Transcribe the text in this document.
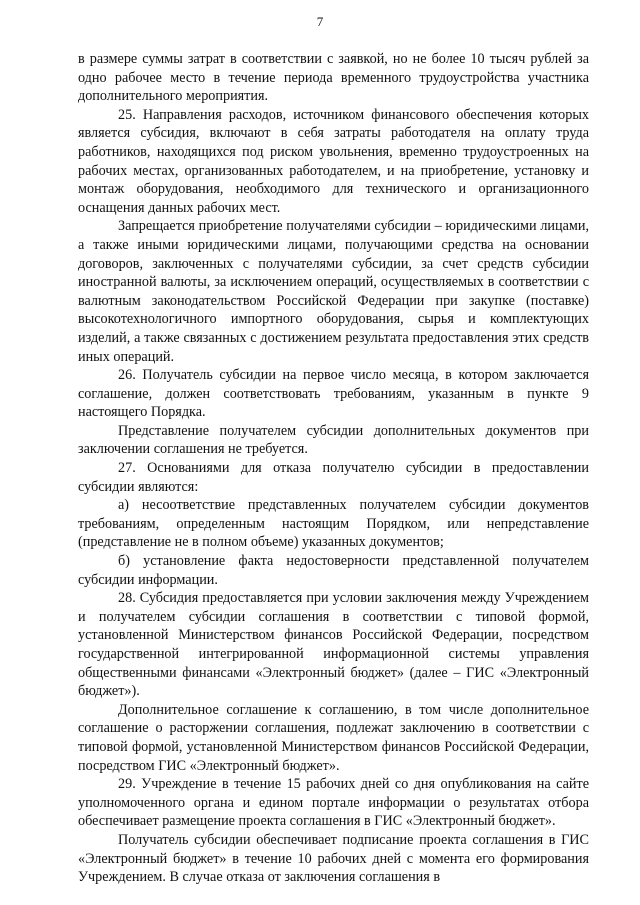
7

в размере суммы затрат в соответствии с заявкой, но не более 10 тысяч рублей за одно рабочее место в течение периода временного трудоустройства участника дополнительного мероприятия.

25. Направления расходов, источником финансового обеспечения которых является субсидия, включают в себя затраты работодателя на оплату труда работников, находящихся под риском увольнения, временно трудоустроенных на рабочих местах, организованных работодателем, и на приобретение, установку и монтаж оборудования, необходимого для технического и организационного оснащения данных рабочих мест.

Запрещается приобретение получателями субсидии – юридическими лицами, а также иными юридическими лицами, получающими средства на основании договоров, заключенных с получателями субсидии, за счет средств субсидии иностранной валюты, за исключением операций, осуществляемых в соответствии с валютным законодательством Российской Федерации при закупке (поставке) высокотехнологичного импортного оборудования, сырья и комплектующих изделий, а также связанных с достижением результата предоставления этих средств иных операций.

26. Получатель субсидии на первое число месяца, в котором заключается соглашение, должен соответствовать требованиям, указанным в пункте 9 настоящего Порядка.

Представление получателем субсидии дополнительных документов при заключении соглашения не требуется.

27. Основаниями для отказа получателю субсидии в предоставлении субсидии являются:

а) несоответствие представленных получателем субсидии документов требованиям, определенным настоящим Порядком, или непредставление (представление не в полном объеме) указанных документов;

б) установление факта недостоверности представленной получателем субсидии информации.

28. Субсидия предоставляется при условии заключения между Учреждением и получателем субсидии соглашения в соответствии с типовой формой, установленной Министерством финансов Российской Федерации, посредством государственной интегрированной информационной системы управления общественными финансами «Электронный бюджет» (далее – ГИС «Электронный бюджет»).

Дополнительное соглашение к соглашению, в том числе дополнительное соглашение о расторжении соглашения, подлежат заключению в соответствии с типовой формой, установленной Министерством финансов Российской Федерации, посредством ГИС «Электронный бюджет».

29. Учреждение в течение 15 рабочих дней со дня опубликования на сайте уполномоченного органа и едином портале информации о результатах отбора обеспечивает размещение проекта соглашения в ГИС «Электронный бюджет».

Получатель субсидии обеспечивает подписание проекта соглашения в ГИС «Электронный бюджет» в течение 10 рабочих дней с момента его формирования Учреждением. В случае отказа от заключения соглашения в
